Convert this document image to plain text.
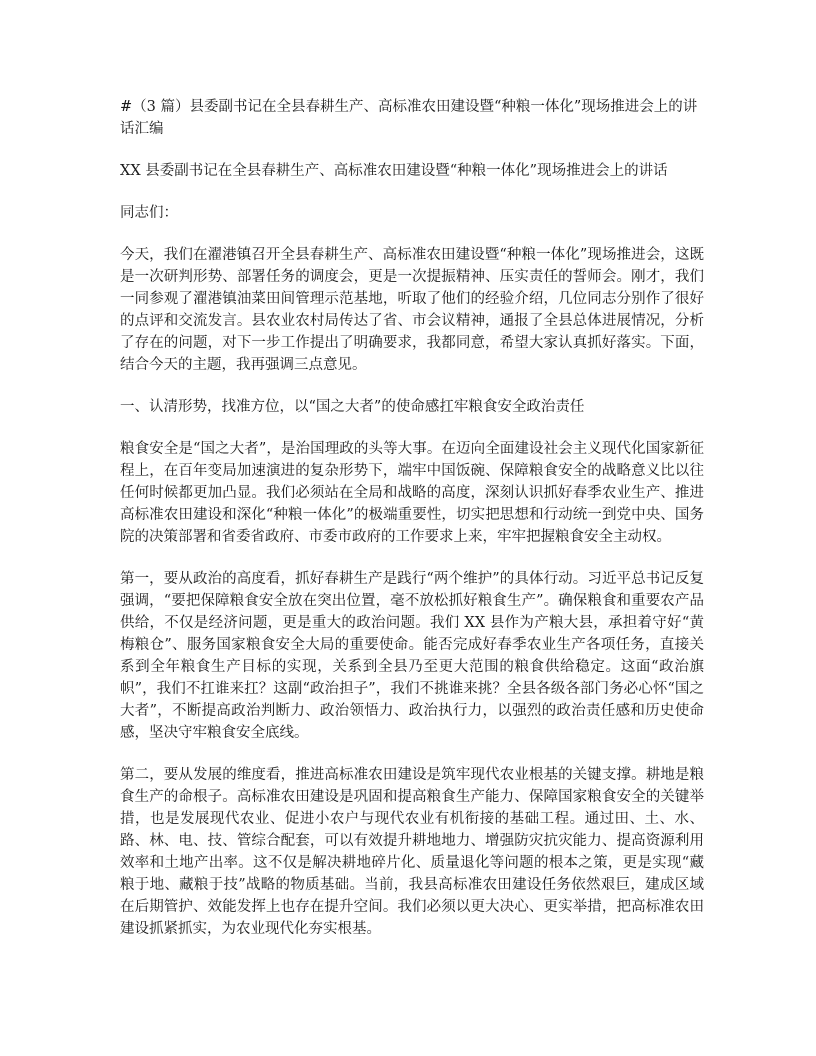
#（3 篇）县委副书记在全县春耕生产、高标准农田建设暨“种粮一体化”现场推进会上的讲话汇编
XX 县委副书记在全县春耕生产、高标准农田建设暨“种粮一体化”现场推进会上的讲话

同志们：

今天，我们在濯港镇召开全县春耕生产、高标准农田建设暨“种粮一体化”现场推进会，这既是一次研判形势、部署任务的调度会，更是一次提振精神、压实责任的誓师会。刚才，我们一同参观了濯港镇油菜田间管理示范基地，听取了他们的经验介绍，几位同志分别作了很好的点评和交流发言。县农业农村局传达了省、市会议精神，通报了全县总体进展情况，分析了存在的问题，对下一步工作提出了明确要求，我都同意，希望大家认真抓好落实。下面，结合今天的主题，我再强调三点意见。

一、认清形势，找准方位，以“国之大者”的使命感扛牢粮食安全政治责任

粮食安全是“国之大者”，是治国理政的头等大事。在迈向全面建设社会主义现代化国家新征程上，在百年变局加速演进的复杂形势下，端牢中国饭碗、保障粮食安全的战略意义比以往任何时候都更加凸显。我们必须站在全局和战略的高度，深刻认识抓好春季农业生产、推进高标准农田建设和深化“种粮一体化”的极端重要性，切实把思想和行动统一到党中央、国务院的决策部署和省委省政府、市委市政府的工作要求上来，牢牢把握粮食安全主动权。

第一，要从政治的高度看，抓好春耕生产是践行“两个维护”的具体行动。习近平总书记反复强调，“要把保障粮食安全放在突出位置，毫不放松抓好粮食生产”。确保粮食和重要农产品供给，不仅是经济问题，更是重大的政治问题。我们 XX 县作为产粮大县，承担着守好“黄梅粮仓”、服务国家粮食安全大局的重要使命。能否完成好春季农业生产各项任务，直接关系到全年粮食生产目标的实现，关系到全县乃至更大范围的粮食供给稳定。这面“政治旗帜”，我们不扛谁来扛？这副“政治担子”，我们不挑谁来挑？全县各级各部门务必心怀“国之大者”，不断提高政治判断力、政治领悟力、政治执行力，以强烈的政治责任感和历史使命感，坚决守牢粮食安全底线。

第二，要从发展的维度看，推进高标准农田建设是筑牢现代农业根基的关键支撑。耕地是粮食生产的命根子。高标准农田建设是巩固和提高粮食生产能力、保障国家粮食安全的关键举措，也是发展现代农业、促进小农户与现代农业有机衔接的基础工程。通过田、土、水、路、林、电、技、管综合配套，可以有效提升耕地地力、增强防灾抗灾能力、提高资源利用效率和土地产出率。这不仅是解决耕地碎片化、质量退化等问题的根本之策，更是实现“藏粮于地、藏粮于技”战略的物质基础。当前，我县高标准农田建设任务依然艰巨，建成区域在后期管护、效能发挥上也存在提升空间。我们必须以更大决心、更实举措，把高标准农田建设抓紧抓实，为农业现代化夯实根基。
